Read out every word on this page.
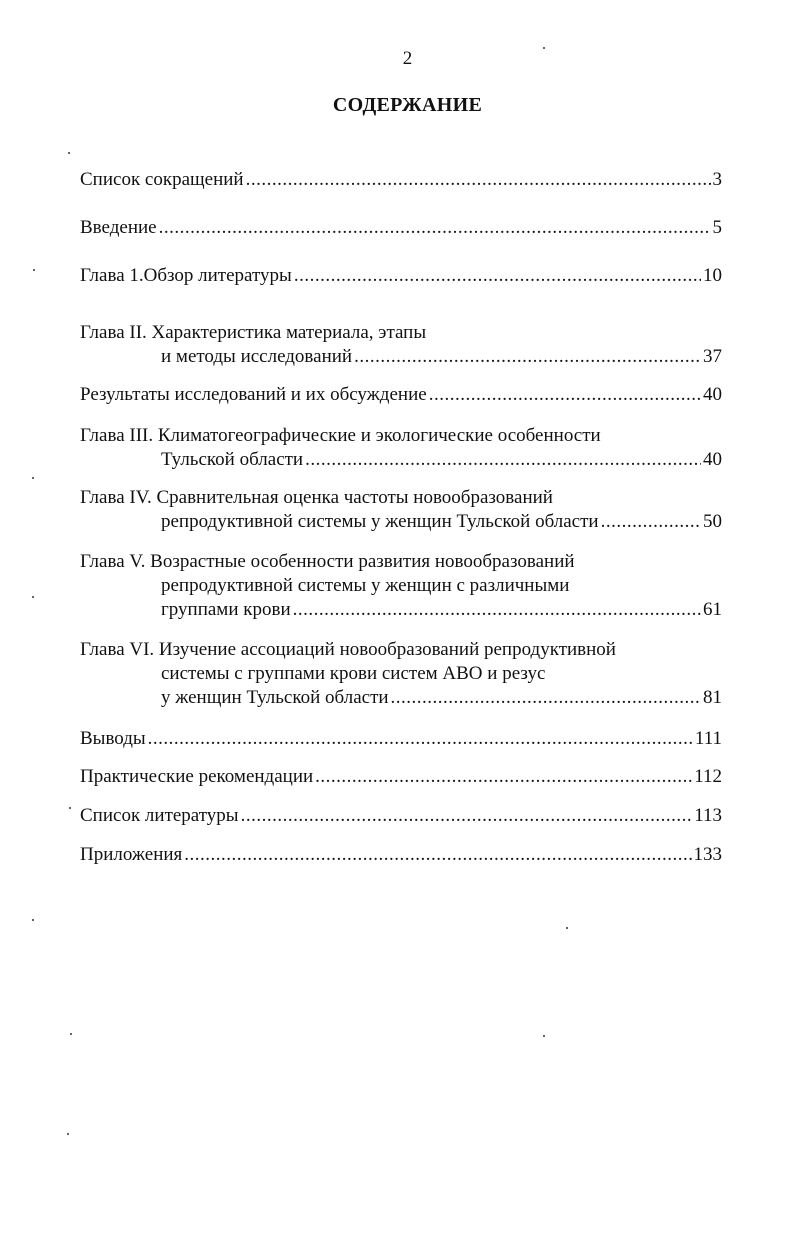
2
СОДЕРЖАНИЕ
Список сокращений .....	3
Введение .....	5
Глава 1.Обзор литературы .....	10
Глава II. Характеристика материала, этапы
и методы исследований .....	37
Результаты исследований и их обсуждение .....	40
Глава III. Климатогеографические и экологические особенности
Тульской области .....	40
Глава IV. Сравнительная оценка частоты новообразований
репродуктивной системы у женщин Тульской области .....	50
Глава V. Возрастные особенности развития новообразований
репродуктивной системы у женщин с различными
группами крови .....	61
Глава VI. Изучение ассоциаций новообразований репродуктивной
системы с группами крови систем АВО и резус
у женщин Тульской области .....	81
Выводы .....	111
Практические рекомендации .....	112
Список литературы .....	113
Приложения .....	133
